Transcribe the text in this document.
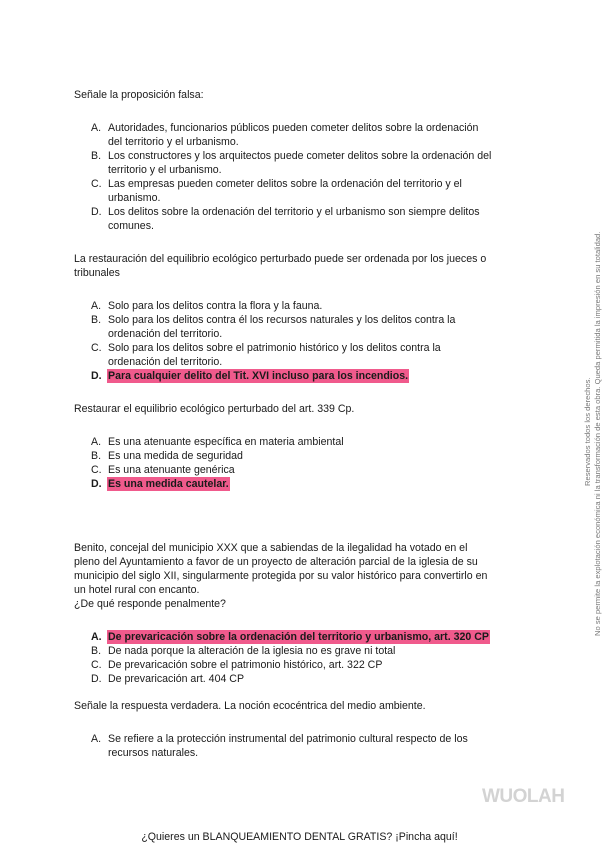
Señale la proposición falsa:
A. Autoridades, funcionarios públicos pueden cometer delitos sobre la ordenación del territorio y el urbanismo.
B. Los constructores y los arquitectos puede cometer delitos sobre la ordenación del territorio y el urbanismo.
C. Las empresas pueden cometer delitos sobre la ordenación del territorio y el urbanismo.
D. Los delitos sobre la ordenación del territorio y el urbanismo son siempre delitos comunes.
La restauración del equilibrio ecológico perturbado puede ser ordenada por los jueces o tribunales
A. Solo para los delitos contra la flora y la fauna.
B. Solo para los delitos contra él los recursos naturales y los delitos contra la ordenación del territorio.
C. Solo para los delitos sobre el patrimonio histórico y los delitos contra la ordenación del territorio.
D. Para cualquier delito del Tit. XVI incluso para los incendios.
Restaurar el equilibrio ecológico perturbado del art. 339 Cp.
A. Es una atenuante específica en materia ambiental
B. Es una medida de seguridad
C. Es una atenuante genérica
D. Es una medida cautelar.
Benito, concejal del municipio XXX que a sabiendas de la ilegalidad ha votado en el pleno del Ayuntamiento a favor de un proyecto de alteración parcial de la iglesia de su municipio del siglo XII, singularmente protegida por su valor histórico para convertirlo en un hotel rural con encanto.
¿De qué responde penalmente?
A. De prevaricación sobre la ordenación del territorio y urbanismo, art. 320 CP
B. De nada porque la alteración de la iglesia no es grave ni total
C. De prevaricación sobre el patrimonio histórico, art. 322 CP
D. De prevaricación art. 404 CP
Señale la respuesta verdadera. La noción ecocéntrica del medio ambiente.
A. Se refiere a la protección instrumental del patrimonio cultural respecto de los recursos naturales.
Reservados todos los derechos. No se permite la explotación económica ni la transformación de esta obra. Queda permitida la impresión en su totalidad.
WUOLAH
¿Quieres un BLANQUEAMIENTO DENTAL GRATIS? ¡Pincha aquí!
